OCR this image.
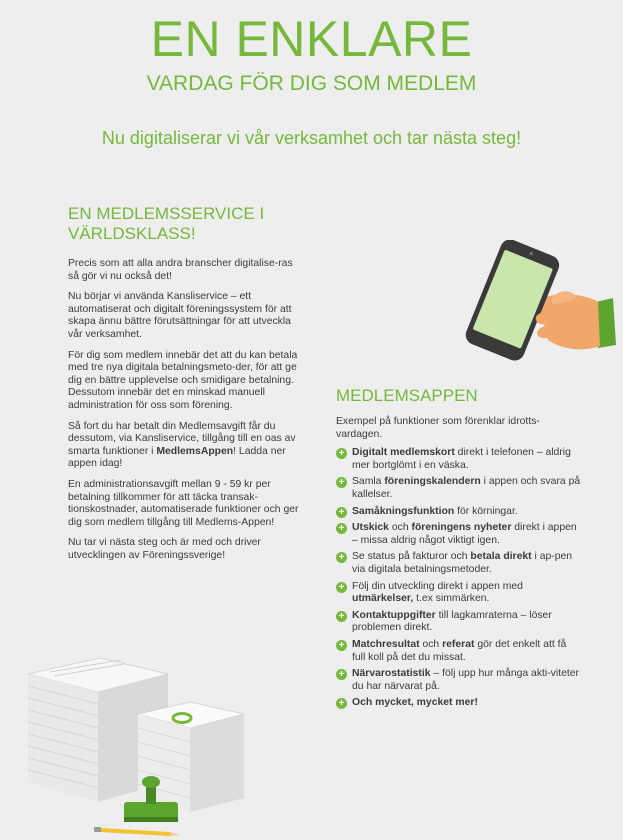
EN ENKLARE
VARDAG FÖR DIG SOM MEDLEM
Nu digitaliserar vi vår verksamhet och tar nästa steg!
EN MEDLEMSSERVICE I VÄRLDSKLASS!

Precis som att alla andra branscher digitalise-ras så gör vi nu också det!

Nu börjar vi använda Kansliservice – ett automatiserat och digitalt föreningssystem för att skapa ännu bättre förutsättningar för att utveckla vår verksamhet.

För dig som medlem innebär det att du kan betala med tre nya digitala betalningsmeto-der, för att ge dig en bättre upplevelse och smidigare betalning. Dessutom innebär det en minskad manuell administration för oss som förening.

Så fort du har betalt din Medlemsavgift får du dessutom, via Kansliservice, tillgång till en oas av smarta funktioner i MedlemsAppen! Ladda ner appen idag!

En administrationsavgift mellan 9 - 59 kr per betalning tillkommer för att täcka transak-tionskostnader, automatiserade funktioner och ger dig som medlem tillgång till Medlems-Appen!

Nu tar vi nästa steg och är med och driver utvecklingen av Föreningssverige!

MEDLEMSAPPEN

Exempel på funktioner som förenklar idrotts-vardagen.

+ Digitalt medlemskort direkt i telefonen – aldrig mer bortglömt i en väska.
+ Samla föreningskalendern i appen och svara på kallelser.
+ Samåkningsfunktion för körningar.
+ Utskick och föreningens nyheter direkt i appen – missa aldrig något viktigt igen.
+ Se status på fakturor och betala direkt i ap-pen via digitala betalningsmetoder.
+ Följ din utveckling direkt i appen med utmärkelser, t.ex simmärken.
+ Kontaktuppgifter till lagkamraterna – löser problemen direkt.
+ Matchresultat och referat gör det enkelt att få full koll på det du missat.
+ Närvarostatistik – följ upp hur många akti-viteter du har närvarat på.
+ Och mycket, mycket mer!
